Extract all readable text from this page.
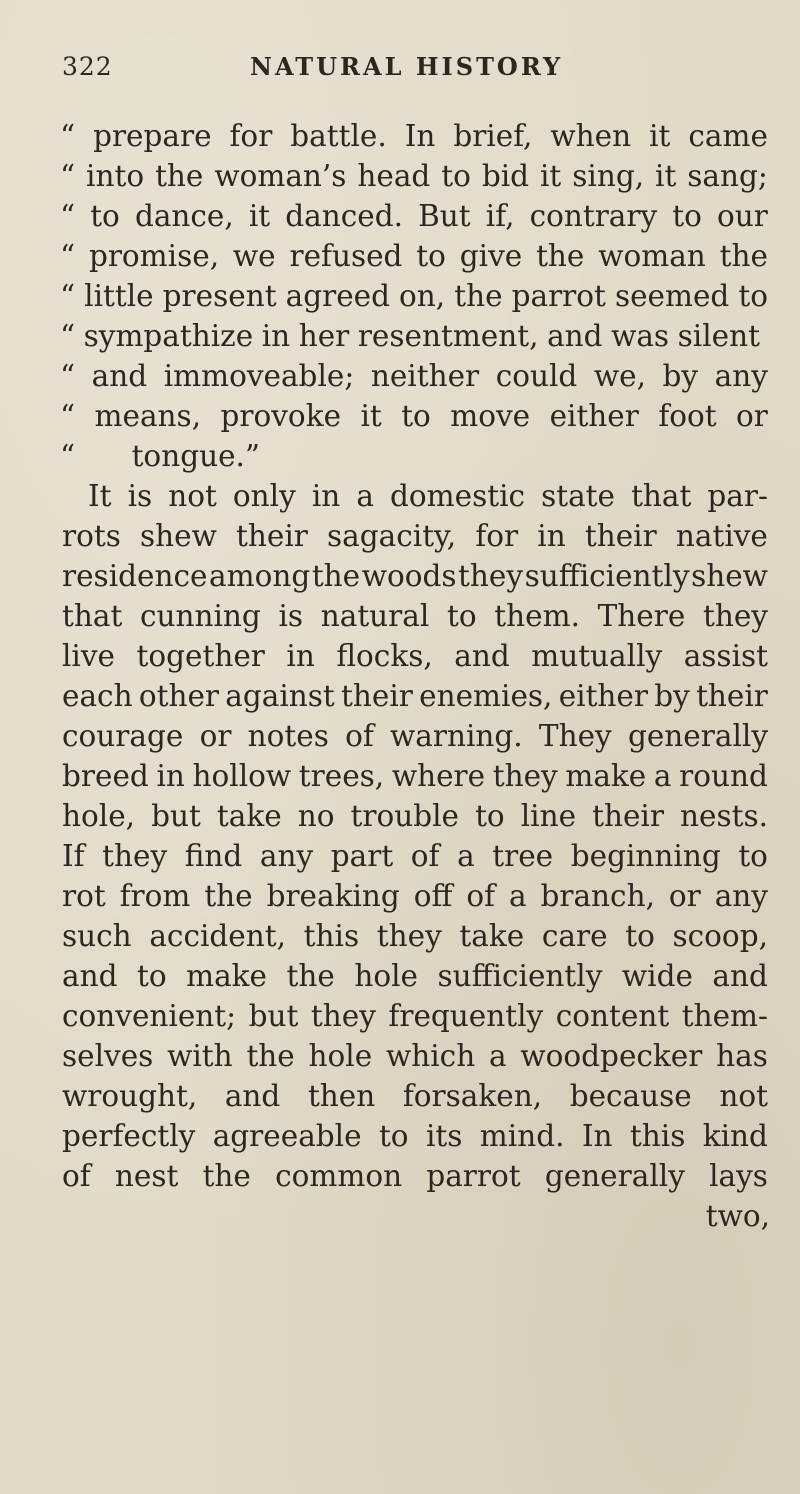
322	NATURAL HISTORY
“ prepare for battle. In brief, when it came
“ into the woman’s head to bid it sing, it sang;
“ to dance, it danced. But if, contrary to our
“ promise, we refused to give the woman the
“ little present agreed on, the parrot seemed to
“ sympathize in her resentment, and was silent
“ and immoveable; neither could we, by any
“ means, provoke it to move either foot or
“ tongue.”
It is not only in a domestic state that par-
rots shew their sagacity, for in their native
residence among the woods they sufficiently shew
that cunning is natural to them. There they
live together in flocks, and mutually assist
each other against their enemies, either by their
courage or notes of warning. They generally
breed in hollow trees, where they make a round
hole, but take no trouble to line their nests.
If they find any part of a tree beginning to
rot from the breaking off of a branch, or any
such accident, this they take care to scoop,
and to make the hole sufficiently wide and
convenient; but they frequently content them-
selves with the hole which a woodpecker has
wrought, and then forsaken, because not
perfectly agreeable to its mind. In this kind
of nest the common parrot generally lays
two,
